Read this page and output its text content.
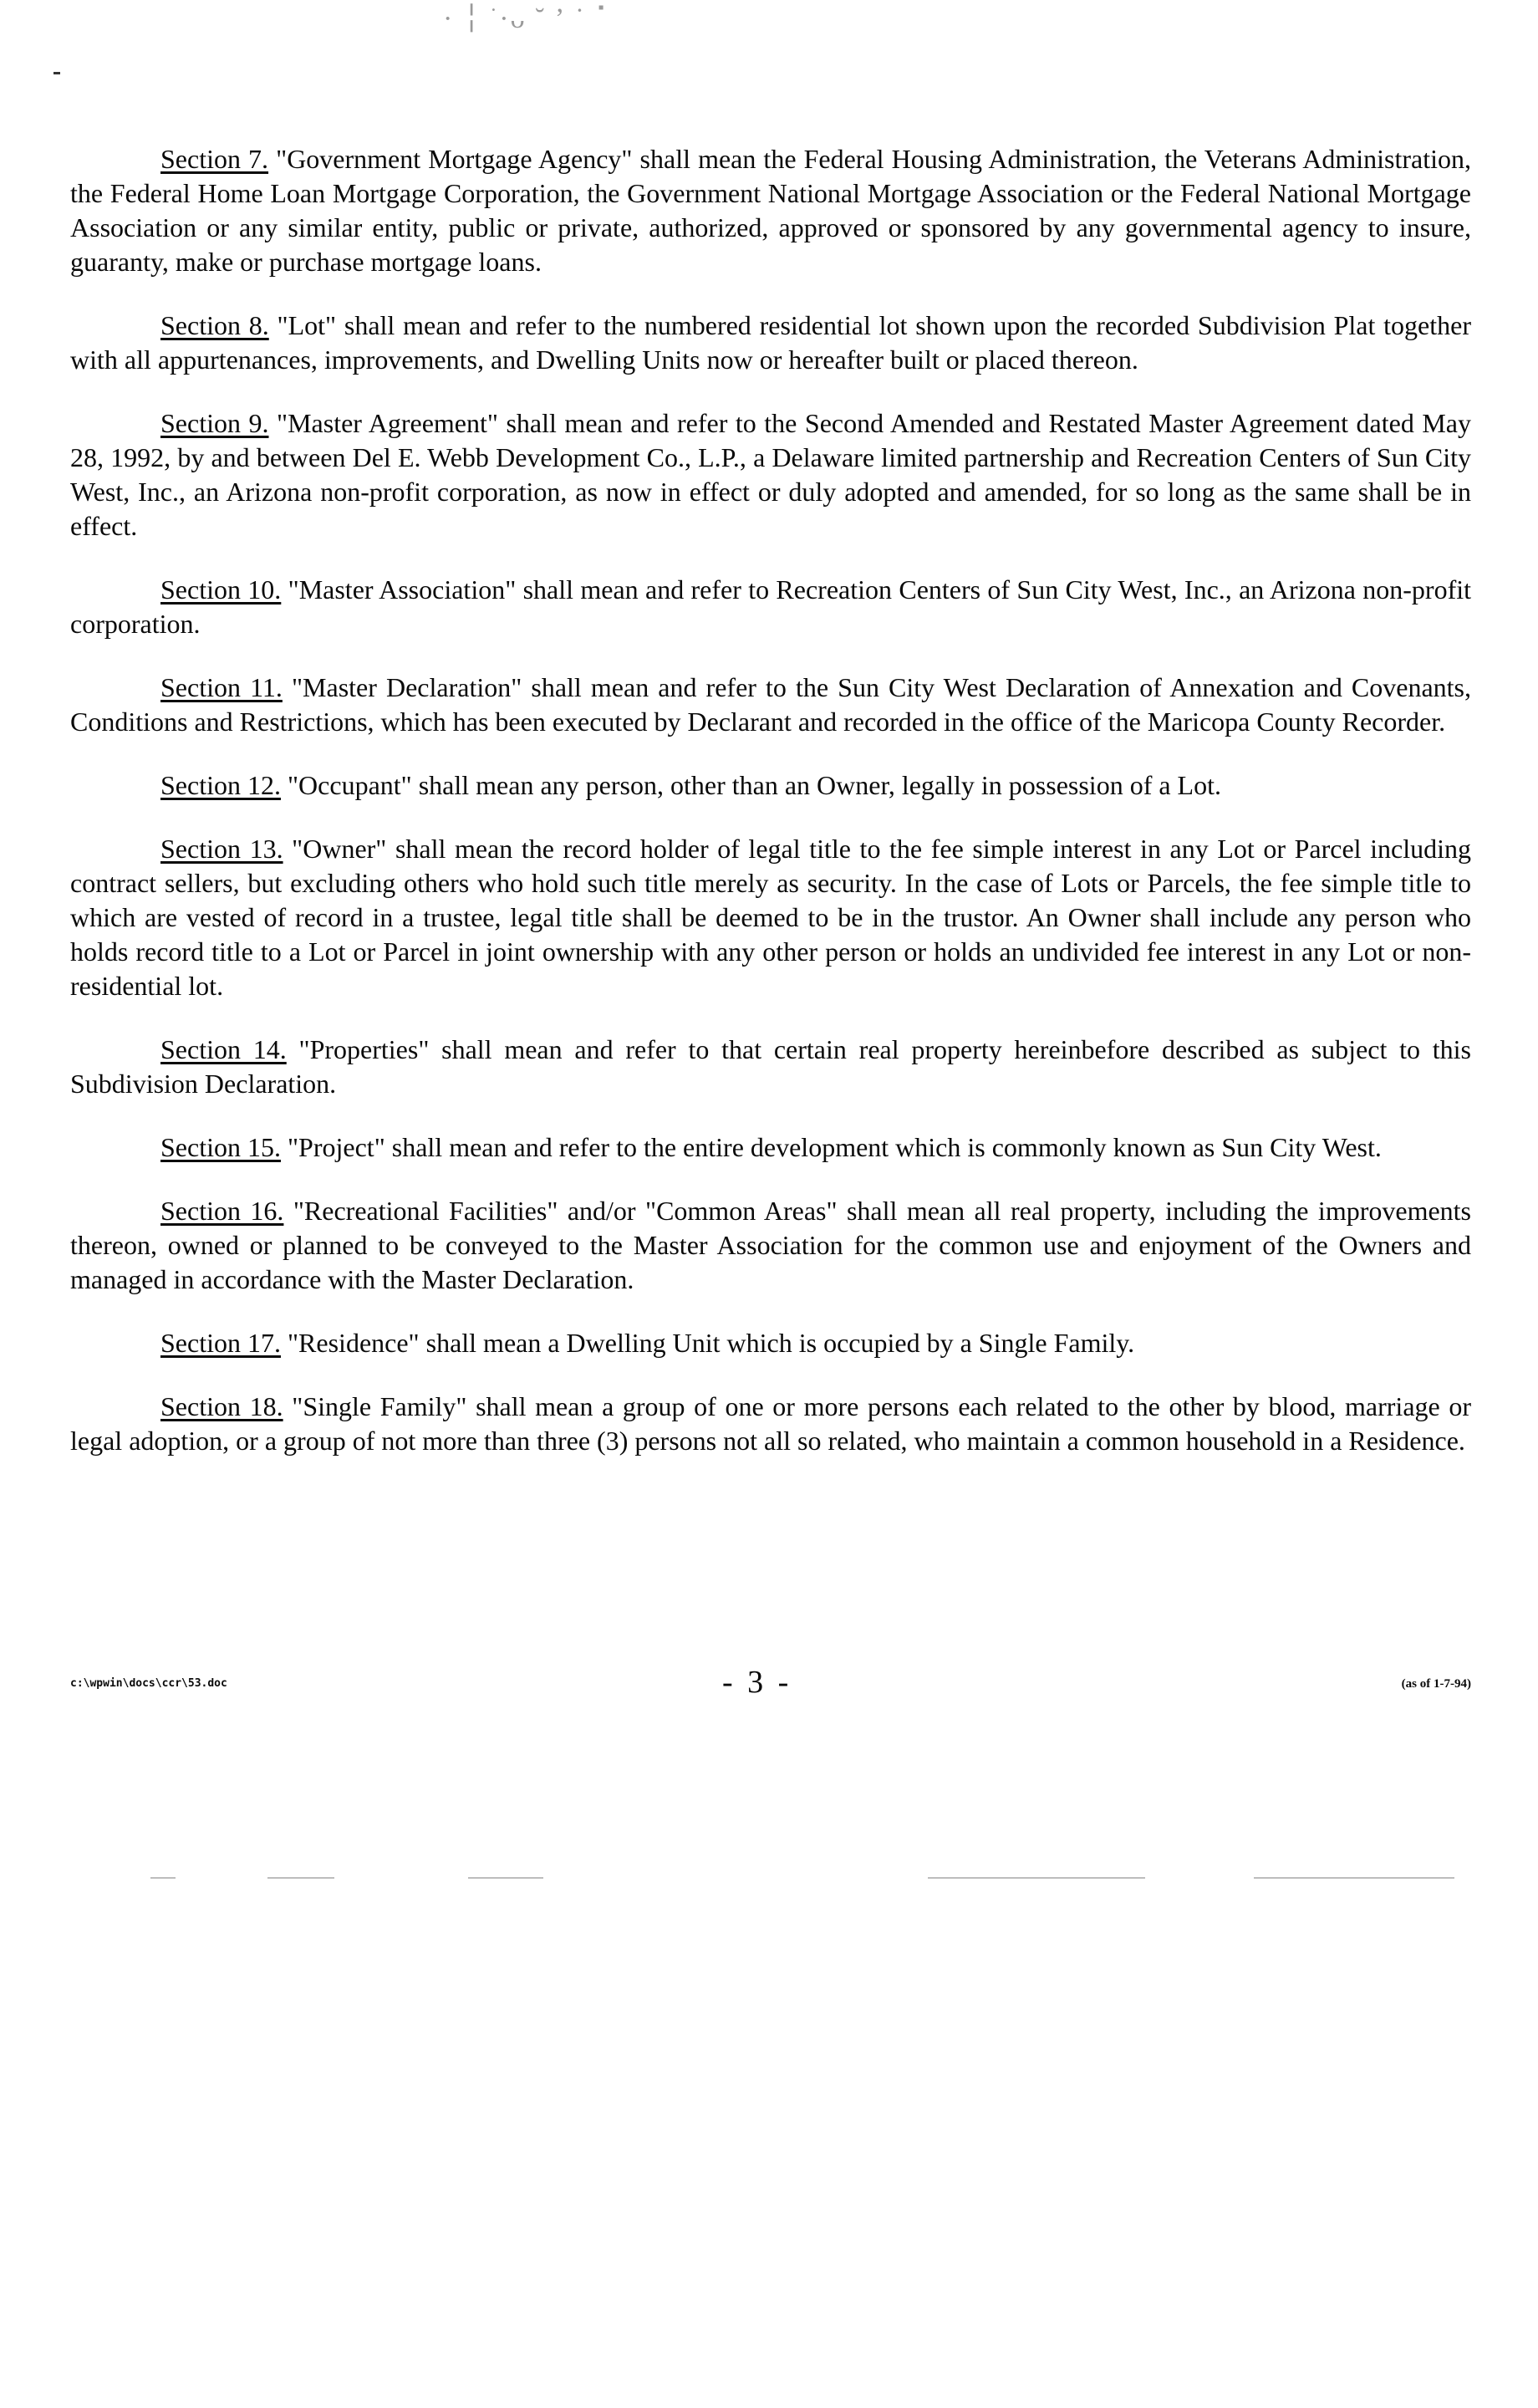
· ╎ ͘ ·ᴗ ˘ ʼ ˙ ⠁

Section 7. "Government Mortgage Agency" shall mean the Federal Housing Administration, the Veterans Administration, the Federal Home Loan Mortgage Corporation, the Government National Mortgage Association or the Federal National Mortgage Association or any similar entity, public or private, authorized, approved or sponsored by any governmental agency to insure, guaranty, make or purchase mortgage loans.

Section 8. "Lot" shall mean and refer to the numbered residential lot shown upon the recorded Subdivision Plat together with all appurtenances, improvements, and Dwelling Units now or hereafter built or placed thereon.

Section 9. "Master Agreement" shall mean and refer to the Second Amended and Restated Master Agreement dated May 28, 1992, by and between Del E. Webb Development Co., L.P., a Delaware limited partnership and Recreation Centers of Sun City West, Inc., an Arizona non-profit corporation, as now in effect or duly adopted and amended, for so long as the same shall be in effect.

Section 10. "Master Association" shall mean and refer to Recreation Centers of Sun City West, Inc., an Arizona non-profit corporation.

Section 11. "Master Declaration" shall mean and refer to the Sun City West Declaration of Annexation and Covenants, Conditions and Restrictions, which has been executed by Declarant and recorded in the office of the Maricopa County Recorder.

Section 12. "Occupant" shall mean any person, other than an Owner, legally in possession of a Lot.

Section 13. "Owner" shall mean the record holder of legal title to the fee simple interest in any Lot or Parcel including contract sellers, but excluding others who hold such title merely as security. In the case of Lots or Parcels, the fee simple title to which are vested of record in a trustee, legal title shall be deemed to be in the trustor. An Owner shall include any person who holds record title to a Lot or Parcel in joint ownership with any other person or holds an undivided fee interest in any Lot or non-residential lot.

Section 14. "Properties" shall mean and refer to that certain real property hereinbefore described as subject to this Subdivision Declaration.

Section 15. "Project" shall mean and refer to the entire development which is commonly known as Sun City West.

Section 16. "Recreational Facilities" and/or "Common Areas" shall mean all real property, including the improvements thereon, owned or planned to be conveyed to the Master Association for the common use and enjoyment of the Owners and managed in accordance with the Master Declaration.

Section 17. "Residence" shall mean a Dwelling Unit which is occupied by a Single Family.

Section 18. "Single Family" shall mean a group of one or more persons each related to the other by blood, marriage or legal adoption, or a group of not more than three (3) persons not all so related, who maintain a common household in a Residence.

c:\wpwin\docs\ccr\53.doc	- 3 -	(as of 1-7-94)
